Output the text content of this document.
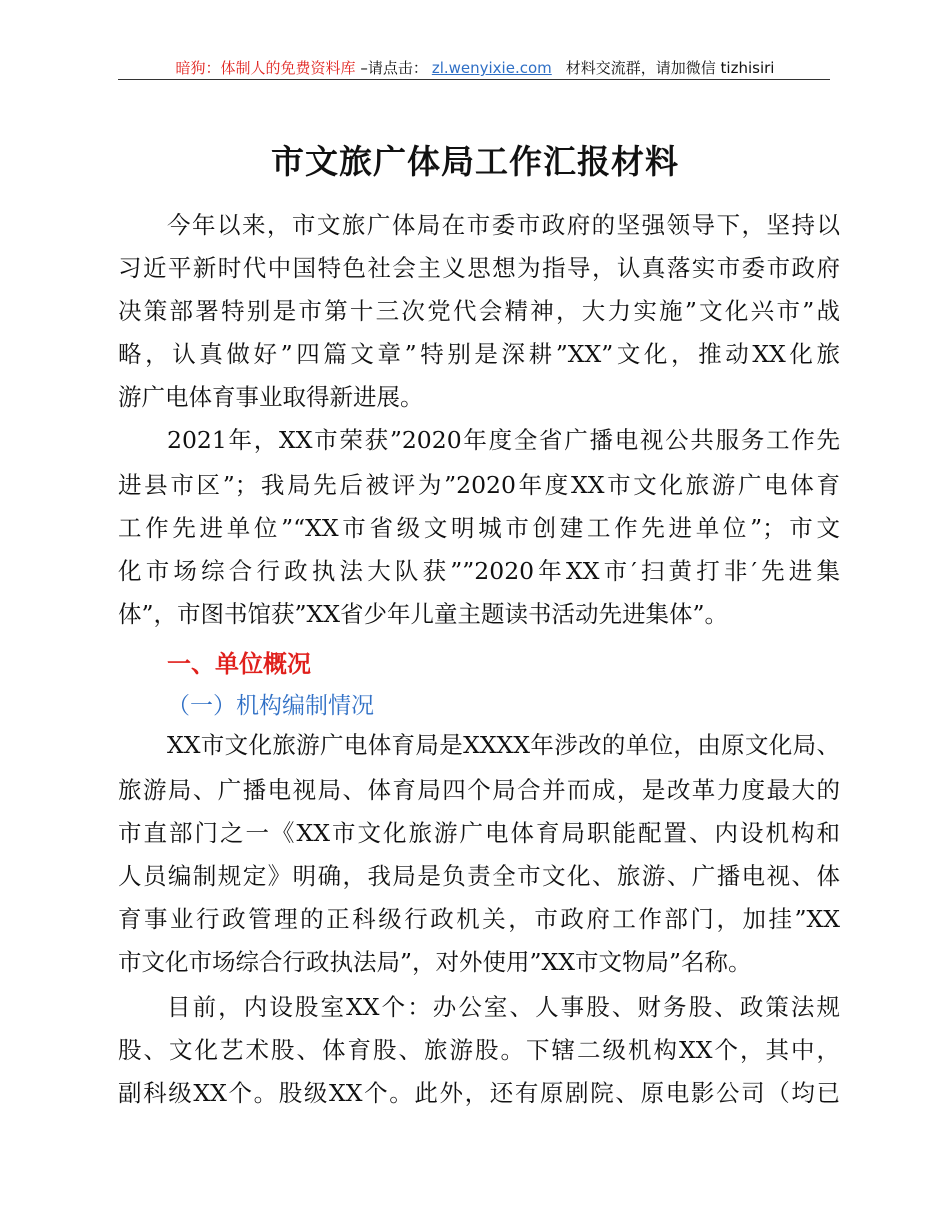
暗狗：体制人的免费资料库 –请点击： zl.wenyixie.com 材料交流群，请加微信 tizhisiri
市文旅广体局工作汇报材料
今年以来，市文旅广体局在市委市政府的坚强领导下，坚持以
习近平新时代中国特色社会主义思想为指导，认真落实市委市政府
决策部署特别是市第十三次党代会精神，大力实施”文化兴市”战
略，认真做好”四篇文章”特别是深耕”XX”文化，推动XX化旅
游广电体育事业取得新进展。
2021年，XX市荣获”2020年度全省广播电视公共服务工作先
进县市区”；我局先后被评为”2020年度XX市文化旅游广电体育
工作先进单位”“XX市省级文明城市创建工作先进单位”；市文
化市场综合行政执法大队获””2020年XX市′扫黄打非′先进集
体”，市图书馆获”XX省少年儿童主题读书活动先进集体”。
XX市文化旅游广电体育局是XXXX年涉改的单位，由原文化局、
旅游局、广播电视局、体育局四个局合并而成，是改革力度最大的
市直部门之一《XX市文化旅游广电体育局职能配置、内设机构和
人员编制规定》明确，我局是负责全市文化、旅游、广播电视、体
育事业行政管理的正科级行政机关，市政府工作部门，加挂”XX
市文化市场综合行政执法局”，对外使用”XX市文物局”名称。
目前，内设股室XX个：办公室、人事股、财务股、政策法规
股、文化艺术股、体育股、旅游股。下辖二级机构XX个，其中，
副科级XX个。股级XX个。此外，还有原剧院、原电影公司（均已
一、单位概况
（一）机构编制情况
